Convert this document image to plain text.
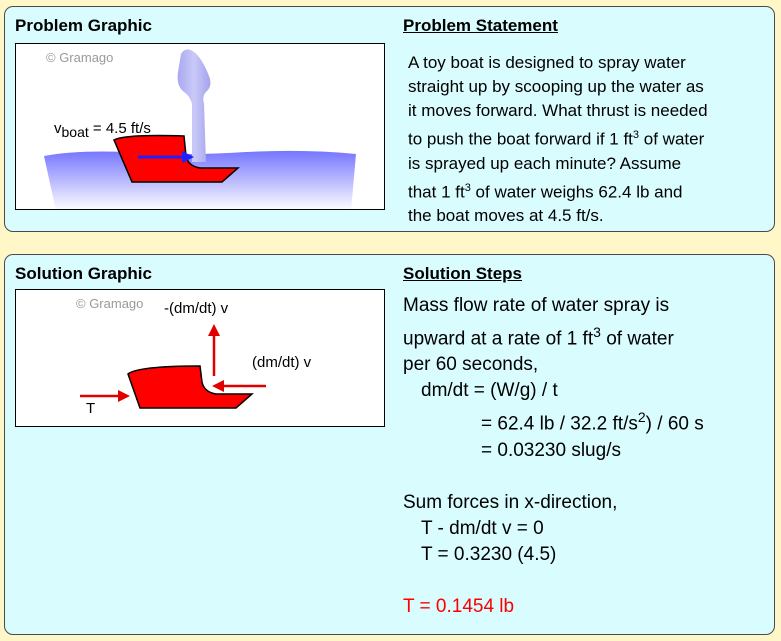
Problem Graphic	Problem Statement
© Gramago
$v_{boat} = 4.5$ ft/s
A toy boat is designed to spray water
straight up by scooping up the water as
it moves forward. What thrust is needed
to push the boat forward if 1 $ft^3$ of water
is sprayed up each minute? Assume
that 1 $ft^3$ of water weighs 62.4 lb and
the boat moves at 4.5 ft/s.
Solution Graphic	Solution Steps
© Gramago -(dm/dt) v
(dm/dt) v
T
Mass flow rate of water spray is
upward at a rate of 1 $ft^3$ of water
per 60 seconds,
dm/dt = (W/g) / t
= 62.4 lb / 32.2 $ft/s^2) / 60$ s
= 0.03230 slug/s
Sum forces in x-direction,
T - dm/dt v = 0
T = 0.3230 (4.5)
T = 0.1454 lb
